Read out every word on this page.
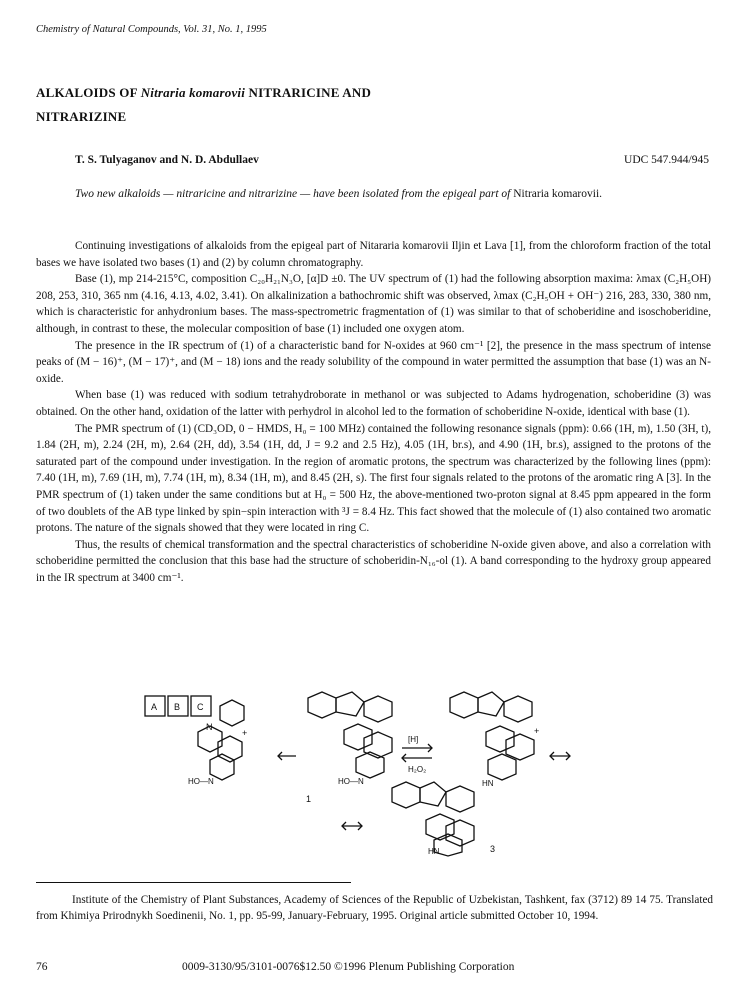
Chemistry of Natural Compounds, Vol. 31, No. 1, 1995
ALKALOIDS OF Nitraria komarovii NITRARICINE AND
NITRARIZINE
T. S. Tulyaganov and N. D. Abdullaev	UDC 547.944/945
Two new alkaloids — nitraricine and nitrarizine — have been isolated from the epigeal part of Nitraria komarovii.

Continuing investigations of alkaloids from the epigeal part of Nitararia komarovii Iljin et Lava [1], from the chloroform fraction of the total bases we have isolated two bases (1) and (2) by column chromatography.

Base (1), mp 214-215°C, composition C₂₀H₂₁N₃O, [α]D ±0. The UV spectrum of (1) had the following absorption maxima: λmax (C₂H₅OH) 208, 253, 310, 365 nm (4.16, 4.13, 4.02, 3.41). On alkalinization a bathochromic shift was observed, λmax (C₂H₅OH + OH⁻) 216, 283, 330, 380 nm, which is characteristic for anhydronium bases. The mass-spectrometric fragmentation of (1) was similar to that of schoberidine and isoschoberidine, although, in contrast to these, the molecular composition of base (1) included one oxygen atom.

The presence in the IR spectrum of (1) of a characteristic band for N-oxides at 960 cm⁻¹ [2], the presence in the mass spectrum of intense peaks of (M − 16)⁺, (M − 17)⁺, and (M − 18) ions and the ready solubility of the compound in water permitted the assumption that base (1) was an N-oxide.

When base (1) was reduced with sodium tetrahydroborate in methanol or was subjected to Adams hydrogenation, schoberidine (3) was obtained. On the other hand, oxidation of the latter with perhydrol in alcohol led to the formation of schoberidine N-oxide, identical with base (1).

The PMR spectrum of (1) (CD₃OD, 0 − HMDS, H₀ = 100 MHz) contained the following resonance signals (ppm): 0.66 (1H, m), 1.50 (3H, t), 1.84 (2H, m), 2.24 (2H, m), 2.64 (2H, dd), 3.54 (1H, dd, J = 9.2 and 2.5 Hz), 4.05 (1H, br.s), and 4.90 (1H, br.s), assigned to the protons of the saturated part of the compound under investigation. In the region of aromatic protons, the spectrum was characterized by the following lines (ppm): 7.40 (1H, m), 7.69 (1H, m), 7.74 (1H, m), 8.34 (1H, m), and 8.45 (2H, s). The first four signals related to the protons of the aromatic ring A [3]. In the PMR spectrum of (1) taken under the same conditions but at H₀ = 500 Hz, the above-mentioned two-proton signal at 8.45 ppm appeared in the form of two doublets of the AB type linked by spin−spin interaction with ³J = 8.4 Hz. This fact showed that the molecule of (1) also contained two aromatic protons. The nature of the signals showed that they were located in ring C.

Thus, the results of chemical transformation and the spectral characteristics of schoberidine N-oxide given above, and also a correlation with schoberidine permitted the conclusion that this base had the structure of schoberidin-N₁₆-ol (1). A band corresponding to the hydroxy group appeared in the IR spectrum at 3400 cm⁻¹.

A B C
N
+
HO—N	HO—N
[H]
H₂O₂
+
HN
HN
1
3

Institute of the Chemistry of Plant Substances, Academy of Sciences of the Republic of Uzbekistan, Tashkent, fax (3712) 89 14 75. Translated from Khimiya Prirodnykh Soedinenii, No. 1, pp. 95-99, January-February, 1995. Original article submitted October 10, 1994.

76	0009-3130/95/3101-0076$12.50 ©1996 Plenum Publishing Corporation
